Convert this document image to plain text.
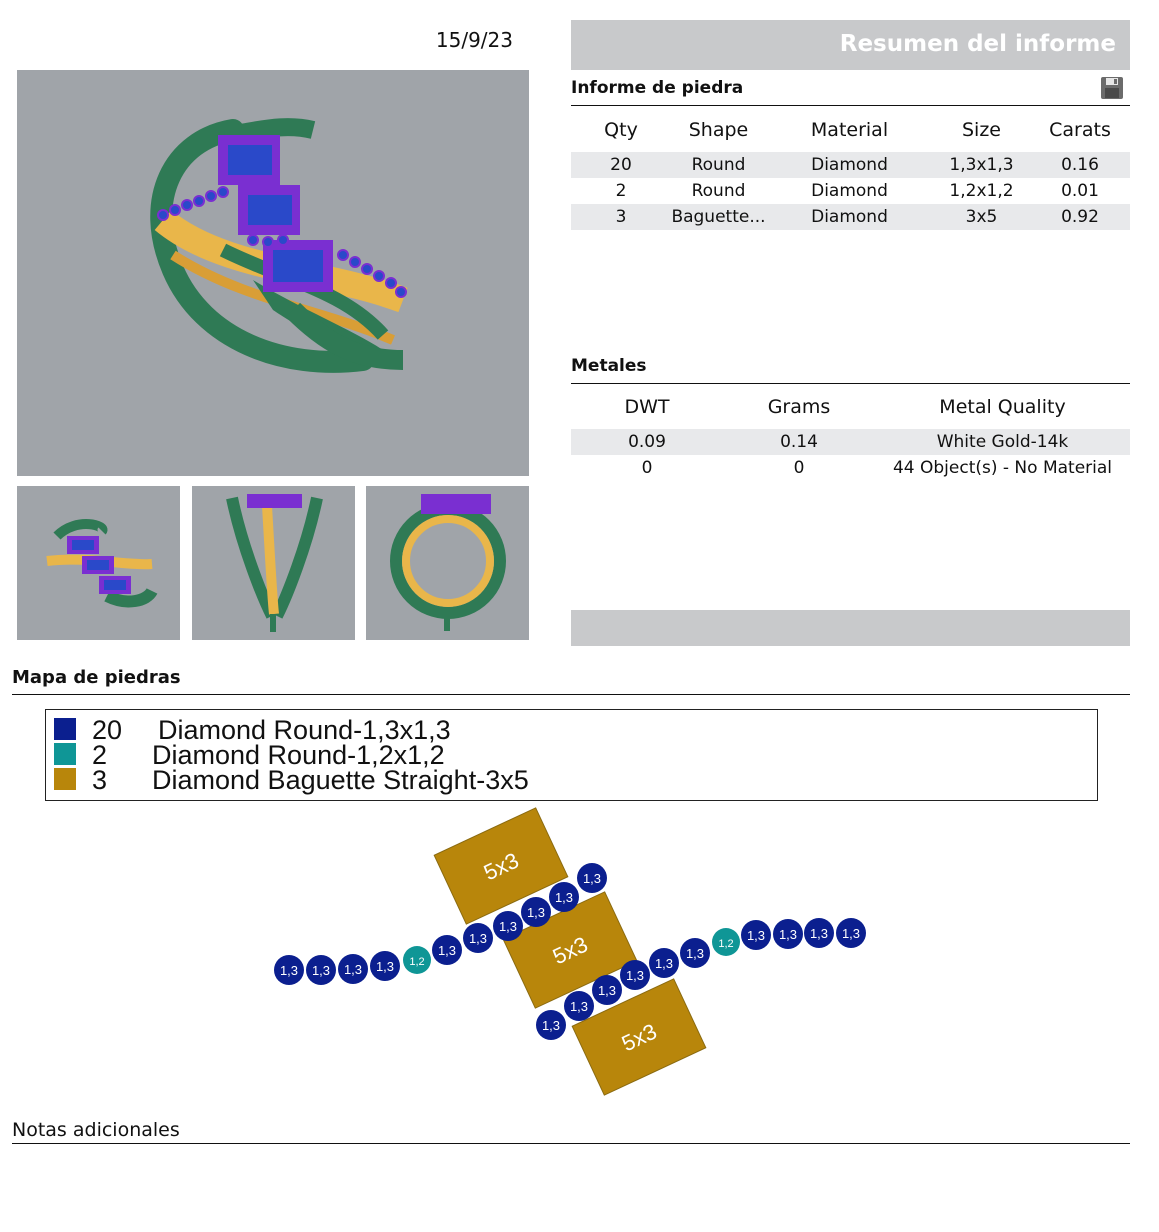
15/9/23	Resumen del informe
Informe de piedra
Qty	Shape	Material	Size	Carats
20	Round	Diamond	1,3x1,3	0.16
2	Round	Diamond	1,2x1,2	0.01
3	Baguette...	Diamond	3x5	0.92
Metales
DWT	Grams	Metal Quality
0.09	0.14	White Gold-14k
0	0	44 Object(s) - No Material
Mapa de piedras
20 Diamond Round-1,3x1,3
2 Diamond Round-1,2x1,2
3 Diamond Baguette Straight-3x5
5x3
5x3
5x3
1,3 1,3 1,3 1,3 1,2
1,3
1,3
1,3
1,3
1,3
1,3
1,3
1,3
1,3
1,3
1,3
1,3
1,2
1,3 1,3 1,3 1,3
Notas adicionales
